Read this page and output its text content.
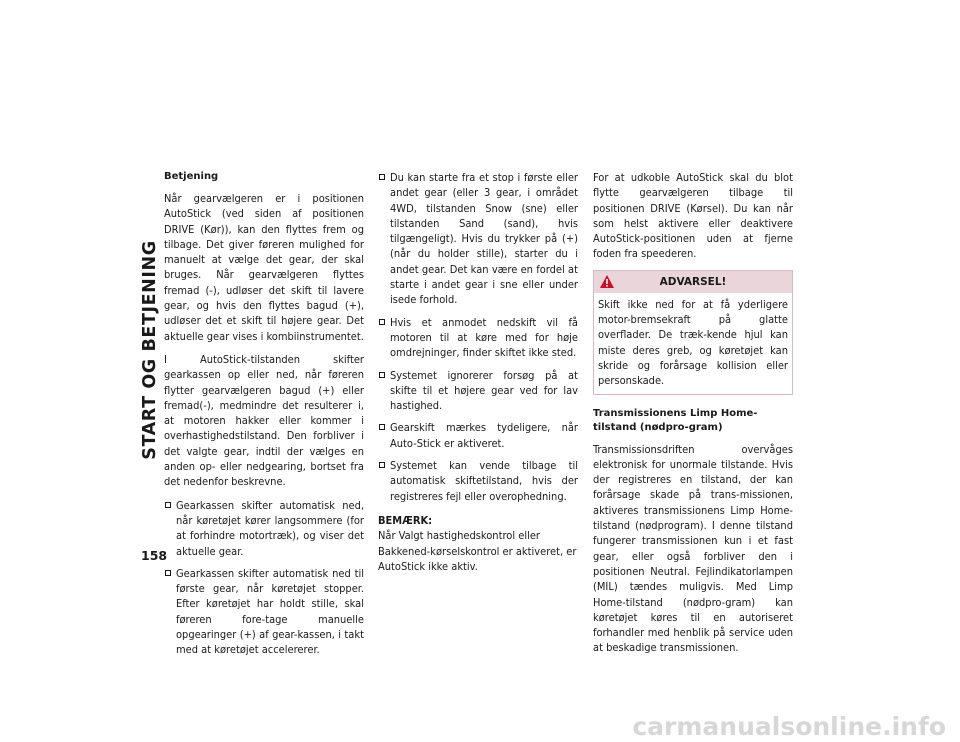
START OG BETJENING
158
Betjening

Når gearvælgeren er i positionen AutoStick (ved siden af positionen DRIVE (Kør)), kan den flyttes frem og tilbage. Det giver føreren mulighed for manuelt at vælge det gear, der skal bruges. Når gearvælgeren flyttes fremad (-), udløser det skift til lavere gear, og hvis den flyttes bagud (+), udløser det et skift til højere gear. Det aktuelle gear vises i kombiinstrumentet.

I AutoStick-tilstanden skifter gearkassen op eller ned, når føreren flytter gearvælgeren bagud (+) eller fremad(-), medmindre det resulterer i, at motoren hakker eller kommer i overhastighedstilstand. Den forbliver i det valgte gear, indtil der vælges en anden op- eller nedgearing, bortset fra det nedenfor beskrevne.

Gearkassen skifter automatisk ned, når køretøjet kører langsommere (for at forhindre motortræk), og viser det aktuelle gear.
Gearkassen skifter automatisk ned til første gear, når køretøjet stopper. Efter køretøjet har holdt stille, skal føreren fore-tage manuelle opgearinger (+) af gear-kassen, i takt med at køretøjet accelererer.
Du kan starte fra et stop i første eller andet gear (eller 3 gear, i området 4WD, tilstanden Snow (sne) eller tilstanden Sand (sand), hvis tilgængeligt). Hvis du trykker på (+) (når du holder stille), starter du i andet gear. Det kan være en fordel at starte i andet gear i sne eller under isede forhold.
Hvis et anmodet nedskift vil få motoren til at køre med for høje omdrejninger, finder skiftet ikke sted.
Systemet ignorerer forsøg på at skifte til et højere gear ved for lav hastighed.
Gearskift mærkes tydeligere, når Auto-Stick er aktiveret.
Systemet kan vende tilbage til automatisk skiftetilstand, hvis der registreres fejl eller overophedning.
BEMÆRK:
Når Valgt hastighedskontrol eller Bakkened-kørselskontrol er aktiveret, er AutoStick ikke aktiv.

For at udkoble AutoStick skal du blot flytte gearvælgeren tilbage til positionen DRIVE (Kørsel). Du kan når som helst aktivere eller deaktivere AutoStick-positionen uden at fjerne foden fra speederen.

ADVARSEL!
Skift ikke ned for at få yderligere motor-bremsekraft på glatte overflader. De træk-kende hjul kan miste deres greb, og køretøjet kan skride og forårsage kollision eller personskade.
Transmissionens Limp Home-tilstand (nødpro-gram)

Transmissionsdriften overvåges elektronisk for unormale tilstande. Hvis der registreres en tilstand, der kan forårsage skade på trans-missionen, aktiveres transmissionens Limp Home-tilstand (nødprogram). I denne tilstand fungerer transmissionen kun i et fast gear, eller også forbliver den i positionen Neutral. Fejlindikatorlampen (MIL) tændes muligvis. Med Limp Home-tilstand (nødpro-gram) kan køretøjet køres til en autoriseret forhandler med henblik på service uden at beskadige transmissionen.

carmanualsonline.info
